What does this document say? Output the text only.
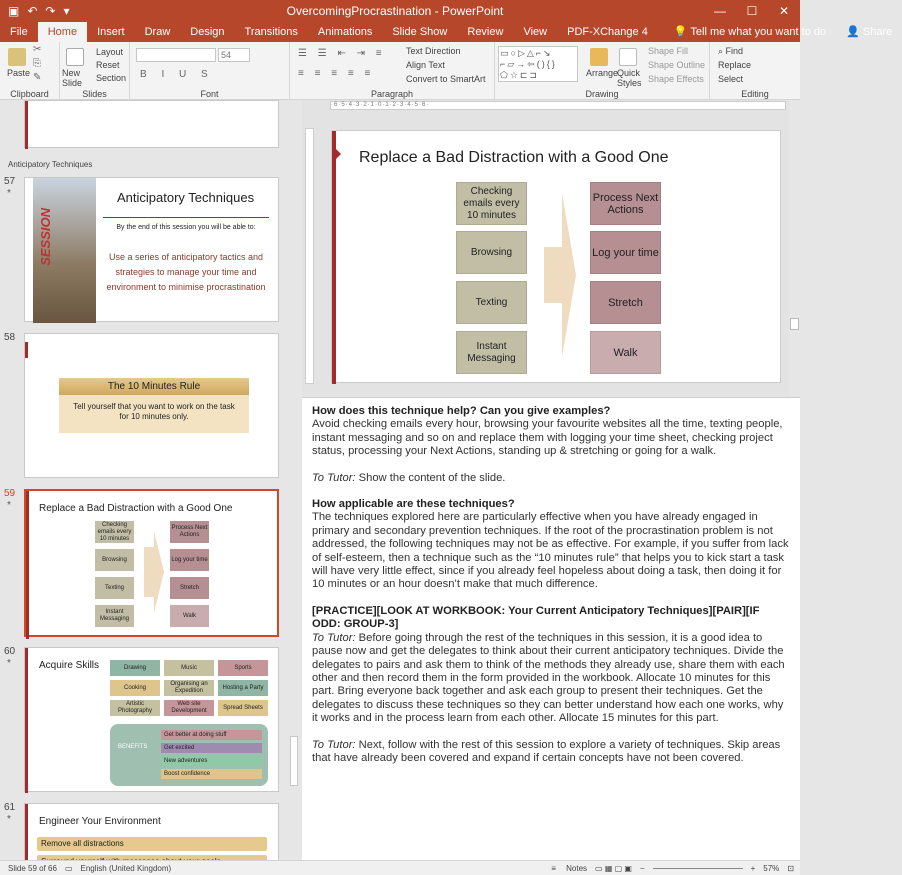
▣ ↶ ↷ ▾	OvercomingProcrastination - PowerPoint	—	☐	✕
File	Home	Insert	Draw	Design	Transitions	Animations	Slide Show	Review	View	PDF-XChange 4	💡 Tell me what you want to do	👤 Share
Paste
✂
⎘
✎
Clipboard
New Slide
Layout
Reset
Section
Slides
54
B I U S
Font
☰ ☰ ⇤ ⇥ ≡
≡ ≡ ≡ ≡ ≡
Text Direction
Align Text
Convert to SmartArt
Paragraph	Drawing
▭○▷△⌐↘
⌐▱→⇦(){}
⬠☆⊏⊐	Arrange
Quick Styles
Shape Fill
Shape Outline
Shape Effects
⌕ Find
Replace
Select
Editing
Anticipatory Techniques
57
*
SESSION
Anticipatory Techniques
By the end of this session you will be able to:
Use a series of anticipatory tactics and strategies to manage your time and environment to minimise procrastination
58
The 10 Minutes Rule
Tell yourself that you want to work on the task for 10 minutes only.
59
*	Replace a Bad Distraction with a Good One
Checking emails every 10 minutes
Browsing
Texting
Instant Messaging
Process Next Actions
Log your time
Stretch
Walk
60
*	Acquire Skills	Drawing	Music	Sports
Cooking
Organising an Expedition
Hosting a Party
Artistic Photography
Web site Development
Spread Sheets
BENEFITS
Get better at doing stuff
Get excited
New adventures
Boost confidence
61
*	Engineer Your Environment
Remove all distractions
·6·5·4·3·2·1·0·1·2·3·4·5·6·
Replace a Bad Distraction with a Good One
Checking emails every 10 minutes
Browsing
Texting
Instant Messaging
Process Next Actions
Log your time
Stretch
Walk

How does this technique help? Can you give examples?
Avoid checking emails every hour, browsing your favourite websites all the time, texting people, instant messaging and so on and replace them with logging your time sheet, checking project status, processing your Next Actions, standing up & stretching or going for a walk.

To Tutor: Show the content of the slide.

How applicable are these techniques?
The techniques explored here are particularly effective when you have already engaged in primary and secondary prevention techniques. If the root of the procrastination problem is not addressed, the following techniques may not be as effective. For example, if you suffer from lack of self-esteem, then a technique such as the “10 minutes rule” that helps you to kick start a task will have very little effect, since if you already feel hopeless about doing a task, then doing it for 10 minutes or an hour doesn’t make that much difference.

[PRACTICE][LOOK AT WORKBOOK: Your Current Anticipatory Techniques][PAIR][IF ODD: GROUP-3]
To Tutor: Before going through the rest of the techniques in this session, it is a good idea to pause now and get the delegates to think about their current anticipatory techniques. Divide the delegates to pairs and ask them to think of the methods they already use, share them with each other and then record them in the form provided in the workbook. Allocate 10 minutes for this part. Bring everyone back together and ask each group to present their techniques. Get the delegates to discuss these techniques so they can better understand how each one works, why it works and in the process learn from each other. Allocate 15 minutes for this part.

To Tutor: Next, follow with the rest of this session to explore a variety of techniques. Skip areas that have already been covered and expand if certain concepts have not been covered.

Slide 59 of 66 ▭ English (United Kingdom)	≡ Notes ▭ ▦ ▢ ▣ −	+ 57% ⊡
